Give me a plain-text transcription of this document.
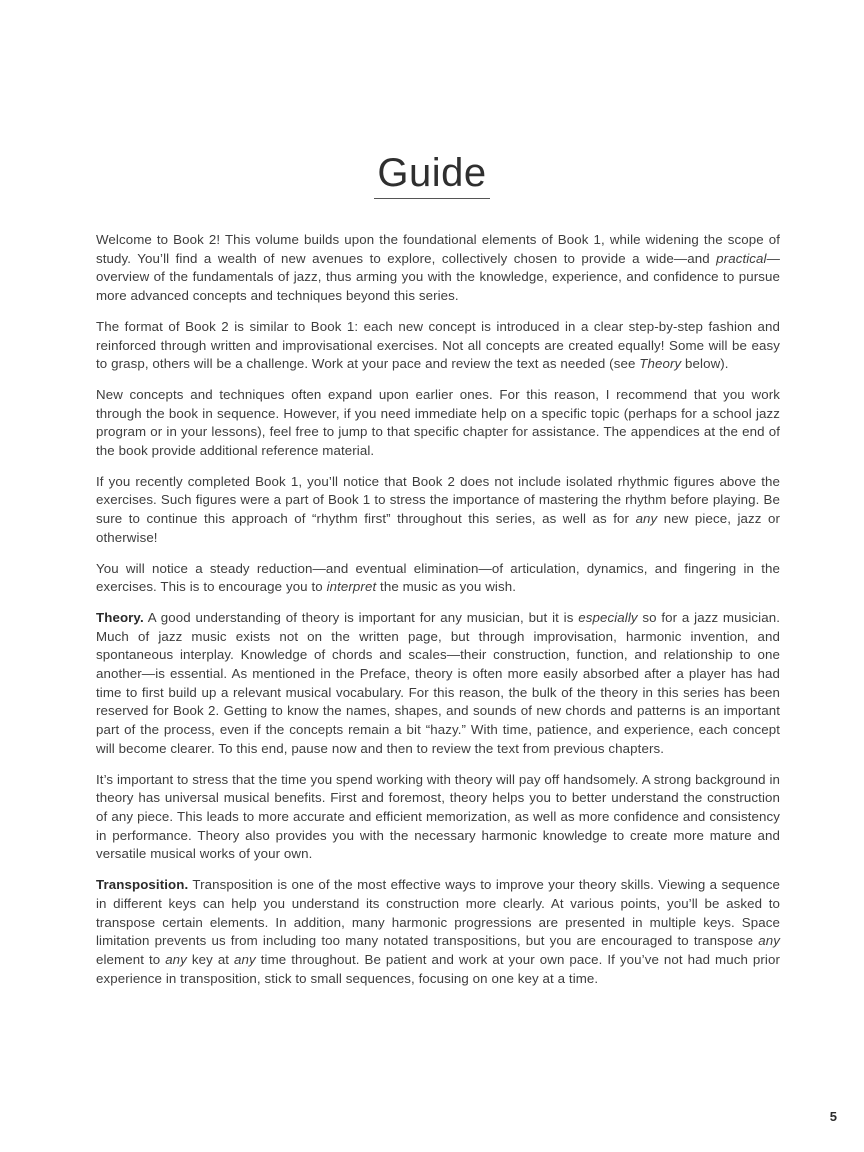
Guide

Welcome to Book 2! This volume builds upon the foundational elements of Book 1, while widening the scope of study. You’ll find a wealth of new avenues to explore, collectively chosen to provide a wide—and practical—overview of the fundamentals of jazz, thus arming you with the knowledge, experience, and confidence to pursue more advanced concepts and techniques beyond this series.

The format of Book 2 is similar to Book 1: each new concept is introduced in a clear step-by-step fashion and reinforced through written and improvisational exercises. Not all concepts are created equally! Some will be easy to grasp, others will be a challenge. Work at your pace and review the text as needed (see Theory below).

New concepts and techniques often expand upon earlier ones. For this reason, I recommend that you work through the book in sequence. However, if you need immediate help on a specific topic (perhaps for a school jazz program or in your lessons), feel free to jump to that specific chapter for assistance. The appendices at the end of the book provide additional reference material.

If you recently completed Book 1, you’ll notice that Book 2 does not include isolated rhythmic figures above the exercises. Such figures were a part of Book 1 to stress the importance of mastering the rhythm before playing. Be sure to continue this approach of “rhythm first” throughout this series, as well as for any new piece, jazz or otherwise!

You will notice a steady reduction—and eventual elimination—of articulation, dynamics, and fingering in the exercises. This is to encourage you to interpret the music as you wish.

Theory. A good understanding of theory is important for any musician, but it is especially so for a jazz musician. Much of jazz music exists not on the written page, but through improvisation, harmonic invention, and spontaneous interplay. Knowledge of chords and scales—their construction, function, and relationship to one another—is essential. As mentioned in the Preface, theory is often more easily absorbed after a player has had time to first build up a relevant musical vocabulary. For this reason, the bulk of the theory in this series has been reserved for Book 2. Getting to know the names, shapes, and sounds of new chords and patterns is an important part of the process, even if the concepts remain a bit “hazy.” With time, patience, and experience, each concept will become clearer. To this end, pause now and then to review the text from previous chapters.

It’s important to stress that the time you spend working with theory will pay off handsomely. A strong background in theory has universal musical benefits. First and foremost, theory helps you to better understand the construction of any piece. This leads to more accurate and efficient memorization, as well as more confidence and consistency in performance. Theory also provides you with the necessary harmonic knowledge to create more mature and versatile musical works of your own.

Transposition. Transposition is one of the most effective ways to improve your theory skills. Viewing a sequence in different keys can help you understand its construction more clearly. At various points, you’ll be asked to transpose certain elements. In addition, many harmonic progressions are presented in multiple keys. Space limitation prevents us from including too many notated transpositions, but you are encouraged to transpose any element to any key at any time throughout. Be patient and work at your own pace. If you’ve not had much prior experience in transposition, stick to small sequences, focusing on one key at a time.

5
